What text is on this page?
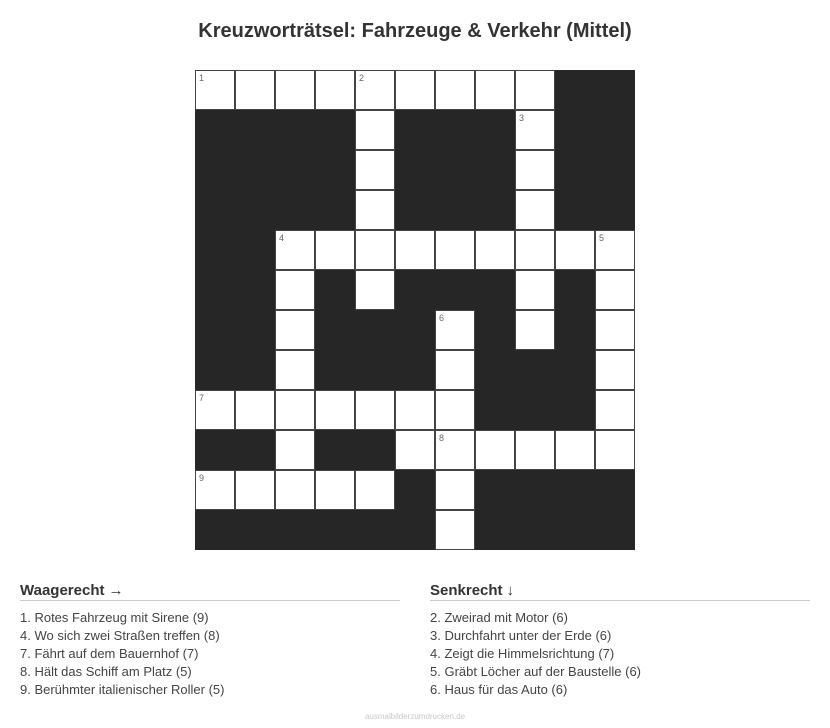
Kreuzworträtsel: Fahrzeuge & Verkehr (Mittel)
1	2
3
4	5
6
7
8
9
Waagerecht →
1. Rotes Fahrzeug mit Sirene (9)
4. Wo sich zwei Straßen treffen (8)
7. Fährt auf dem Bauernhof (7)
8. Hält das Schiff am Platz (5)
9. Berühmter italienischer Roller (5)
Senkrecht ↓
2. Zweirad mit Motor (6)
3. Durchfahrt unter der Erde (6)
4. Zeigt die Himmelsrichtung (7)
5. Gräbt Löcher auf der Baustelle (6)
6. Haus für das Auto (6)
ausmalbilderzumdrucken.de
